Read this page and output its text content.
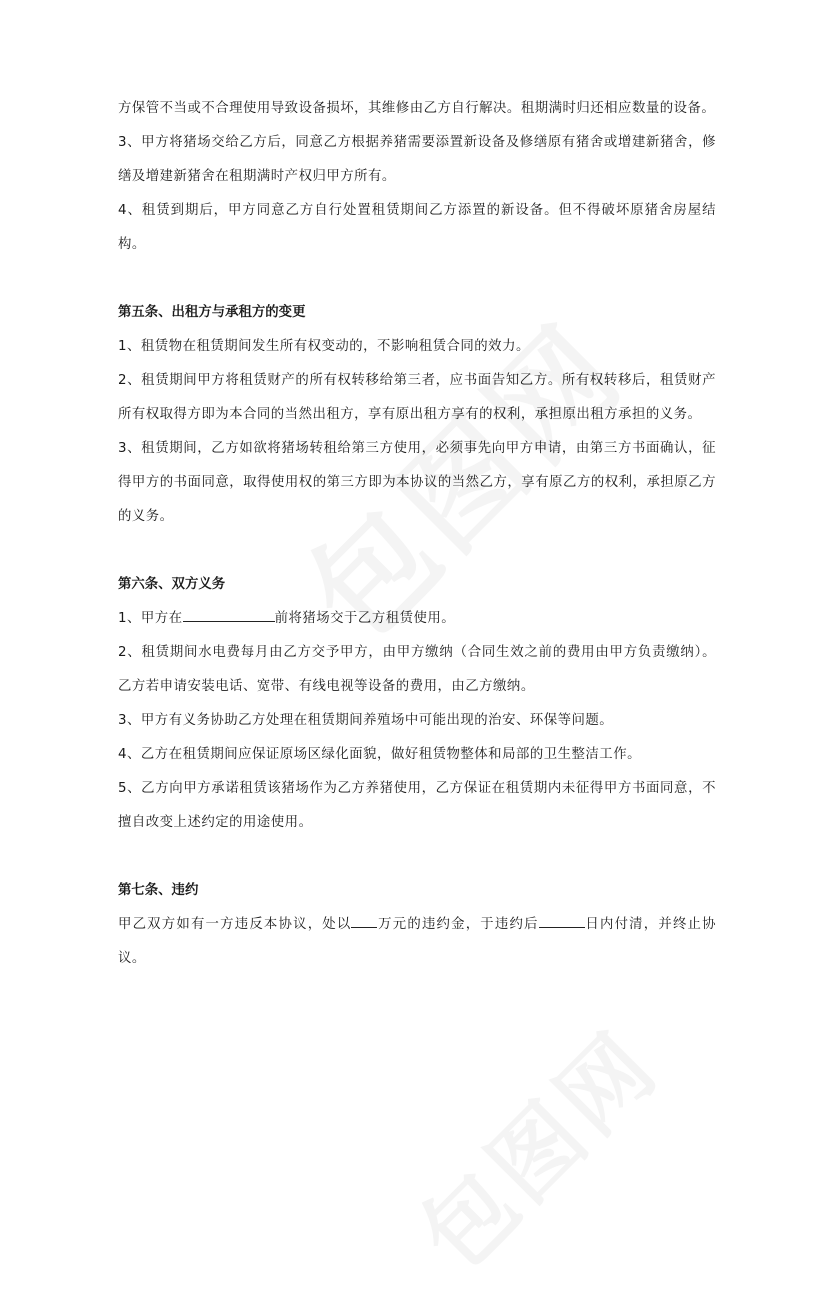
方保管不当或不合理使用导致设备损坏，其维修由乙方自行解决。租期满时归还相应数量的设备。

3、甲方将猪场交给乙方后，同意乙方根据养猪需要添置新设备及修缮原有猪舍或增建新猪舍，修缮及增建新猪舍在租期满时产权归甲方所有。

4、租赁到期后，甲方同意乙方自行处置租赁期间乙方添置的新设备。但不得破坏原猪舍房屋结构。

第五条、出租方与承租方的变更

1、租赁物在租赁期间发生所有权变动的，不影响租赁合同的效力。

2、租赁期间甲方将租赁财产的所有权转移给第三者，应书面告知乙方。所有权转移后，租赁财产所有权取得方即为本合同的当然出租方，享有原出租方享有的权利，承担原出租方承担的义务。

3、租赁期间，乙方如欲将猪场转租给第三方使用，必须事先向甲方申请，由第三方书面确认，征得甲方的书面同意，取得使用权的第三方即为本协议的当然乙方，享有原乙方的权利，承担原乙方的义务。

第六条、双方义务

1、甲方在	前将猪场交于乙方租赁使用。

2、租赁期间水电费每月由乙方交予甲方，由甲方缴纳（合同生效之前的费用由甲方负责缴纳）。乙方若申请安装电话、宽带、有线电视等设备的费用，由乙方缴纳。

3、甲方有义务协助乙方处理在租赁期间养殖场中可能出现的治安、环保等问题。

4、乙方在租赁期间应保证原场区绿化面貌，做好租赁物整体和局部的卫生整洁工作。

5、乙方向甲方承诺租赁该猪场作为乙方养猪使用，乙方保证在租赁期内未征得甲方书面同意，不擅自改变上述约定的用途使用。

第七条、违约

甲乙双方如有一方违反本协议，处以 万元的违约金，于违约后	日内付清，并终止协议。
